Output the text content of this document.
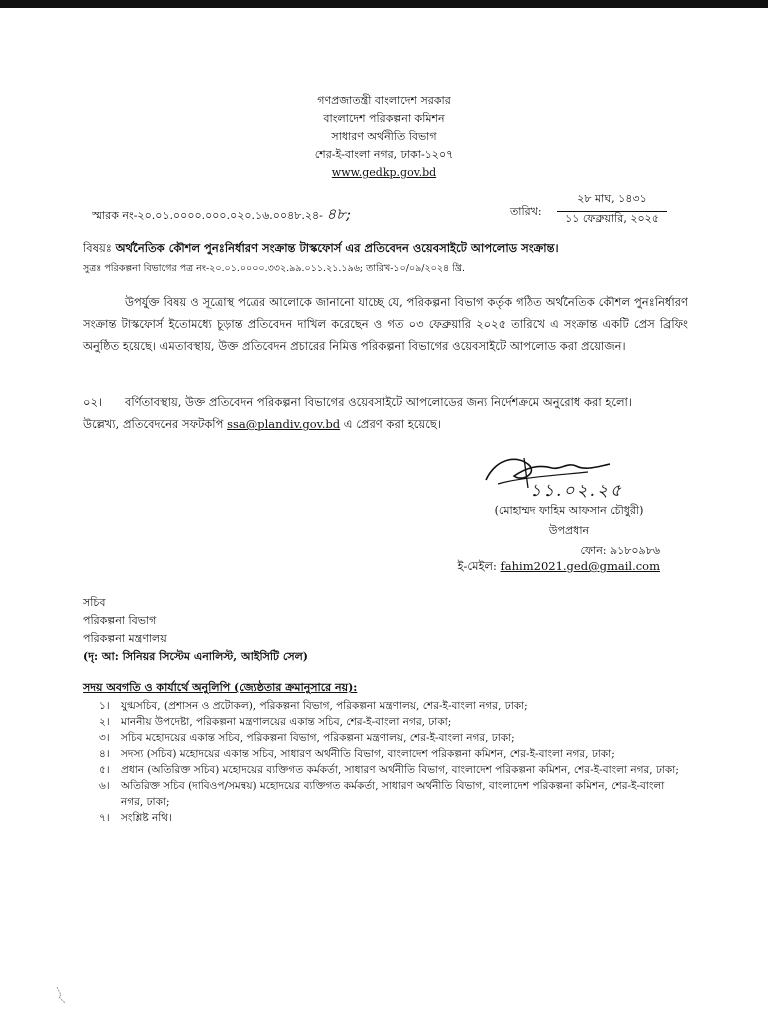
গণপ্রজাতন্ত্রী বাংলাদেশ সরকার
বাংলাদেশ পরিকল্পনা কমিশন
সাধারণ অর্থনীতি বিভাগ
শের-ই-বাংলা নগর, ঢাকা-১২০৭
www.gedkp.gov.bd
স্মারক নং-২০.০১.০০০০.০০০.০২০.১৬.০০৪৮.২৪- ৪৮;	তারিখ:
২৮ মাঘ, ১৪৩১
১১ ফেব্রুয়ারি, ২০২৫
বিষয়ঃ অর্থনৈতিক কৌশল পুনঃনির্ধারণ সংক্রান্ত টাস্কফোর্স এর প্রতিবেদন ওয়েবসাইটে আপলোড সংক্রান্ত।
সুত্রঃ পরিকল্পনা বিভাগের পত্র নং-২০.০১.০০০০.৩৩২.৯৯.০১১.২১.১৯৬; তারিখ-১০/০৯/২০২৪ খ্রি.
উপর্যুক্ত বিষয় ও সূত্রোস্থ পত্রের আলোকে জানানো যাচ্ছে যে, পরিকল্পনা বিভাগ কর্তৃক গঠিত অর্থনৈতিক কৌশল পুনঃনির্ধারণ সংক্রান্ত টাস্কফোর্স ইতোমধ্যে চূড়ান্ত প্রতিবেদন দাখিল করেছেন ও গত ০৩ ফেব্রুয়ারি ২০২৫ তারিখে এ সংক্রান্ত একটি প্রেস ব্রিফিং অনুষ্ঠিত হয়েছে। এমতাবস্থায়, উক্ত প্রতিবেদন প্রচারের নিমিত্ত পরিকল্পনা বিভাগের ওয়েবসাইটে আপলোড করা প্রয়োজন।
০২। বর্ণিতাবস্থায়, উক্ত প্রতিবেদন পরিকল্পনা বিভাগের ওয়েবসাইটে আপলোডের জন্য নির্দেশক্রমে অনুরোধ করা হলো।
উল্লেখ্য, প্রতিবেদনের সফটকপি ssa@plandiv.gov.bd এ প্রেরণ করা হয়েছে।
১১.০২.২৫
(মোহাম্মদ ফাহিম আফসান চৌধুরী)
উপপ্রধান
ফোন: ৯১৮০৯৮৬
ই-মেইল: fahim2021.ged@gmail.com
সচিব
পরিকল্পনা বিভাগ
পরিকল্পনা মন্ত্রণালয়
(দৃ: আ: সিনিয়র সিস্টেম এনালিস্ট, আইসিটি সেল)
সদয় অবগতি ও কার্যার্থে অনুলিপি (জ্যেষ্ঠতার ক্রমানুসারে নয়):
১।	যুগ্মসচিব, (প্রশাসন ও প্রটোকল), পরিকল্পনা বিভাগ, পরিকল্পনা মন্ত্রণালয়, শের-ই-বাংলা নগর, ঢাকা;
২।	মাননীয় উপদেষ্টা, পরিকল্পনা মন্ত্রণালয়ের একান্ত সচিব, শের-ই-বাংলা নগর, ঢাকা;
৩।	সচিব মহোদয়ের একান্ত সচিব, পরিকল্পনা বিভাগ, পরিকল্পনা মন্ত্রণালয়, শের-ই-বাংলা নগর, ঢাকা;
৪।	সদস্য (সচিব) মহোদয়ের একান্ত সচিব, সাধারণ অর্থনীতি বিভাগ, বাংলাদেশ পরিকল্পনা কমিশন, শের-ই-বাংলা নগর, ঢাকা;
৫।	প্রধান (অতিরিক্ত সচিব) মহোদয়ের ব্যক্তিগত কর্মকর্তা, সাধারণ অর্থনীতি বিভাগ, বাংলাদেশ পরিকল্পনা কমিশন, শের-ই-বাংলা নগর, ঢাকা;
৬।	অতিরিক্ত সচিব (দাবিওপ/সমন্বয়) মহোদয়ের ব্যক্তিগত কর্মকর্তা, সাধারণ অর্থনীতি বিভাগ, বাংলাদেশ পরিকল্পনা কমিশন, শের-ই-বাংলা নগর, ঢাকা;
৭।	সংশ্লিষ্ট নথি।
